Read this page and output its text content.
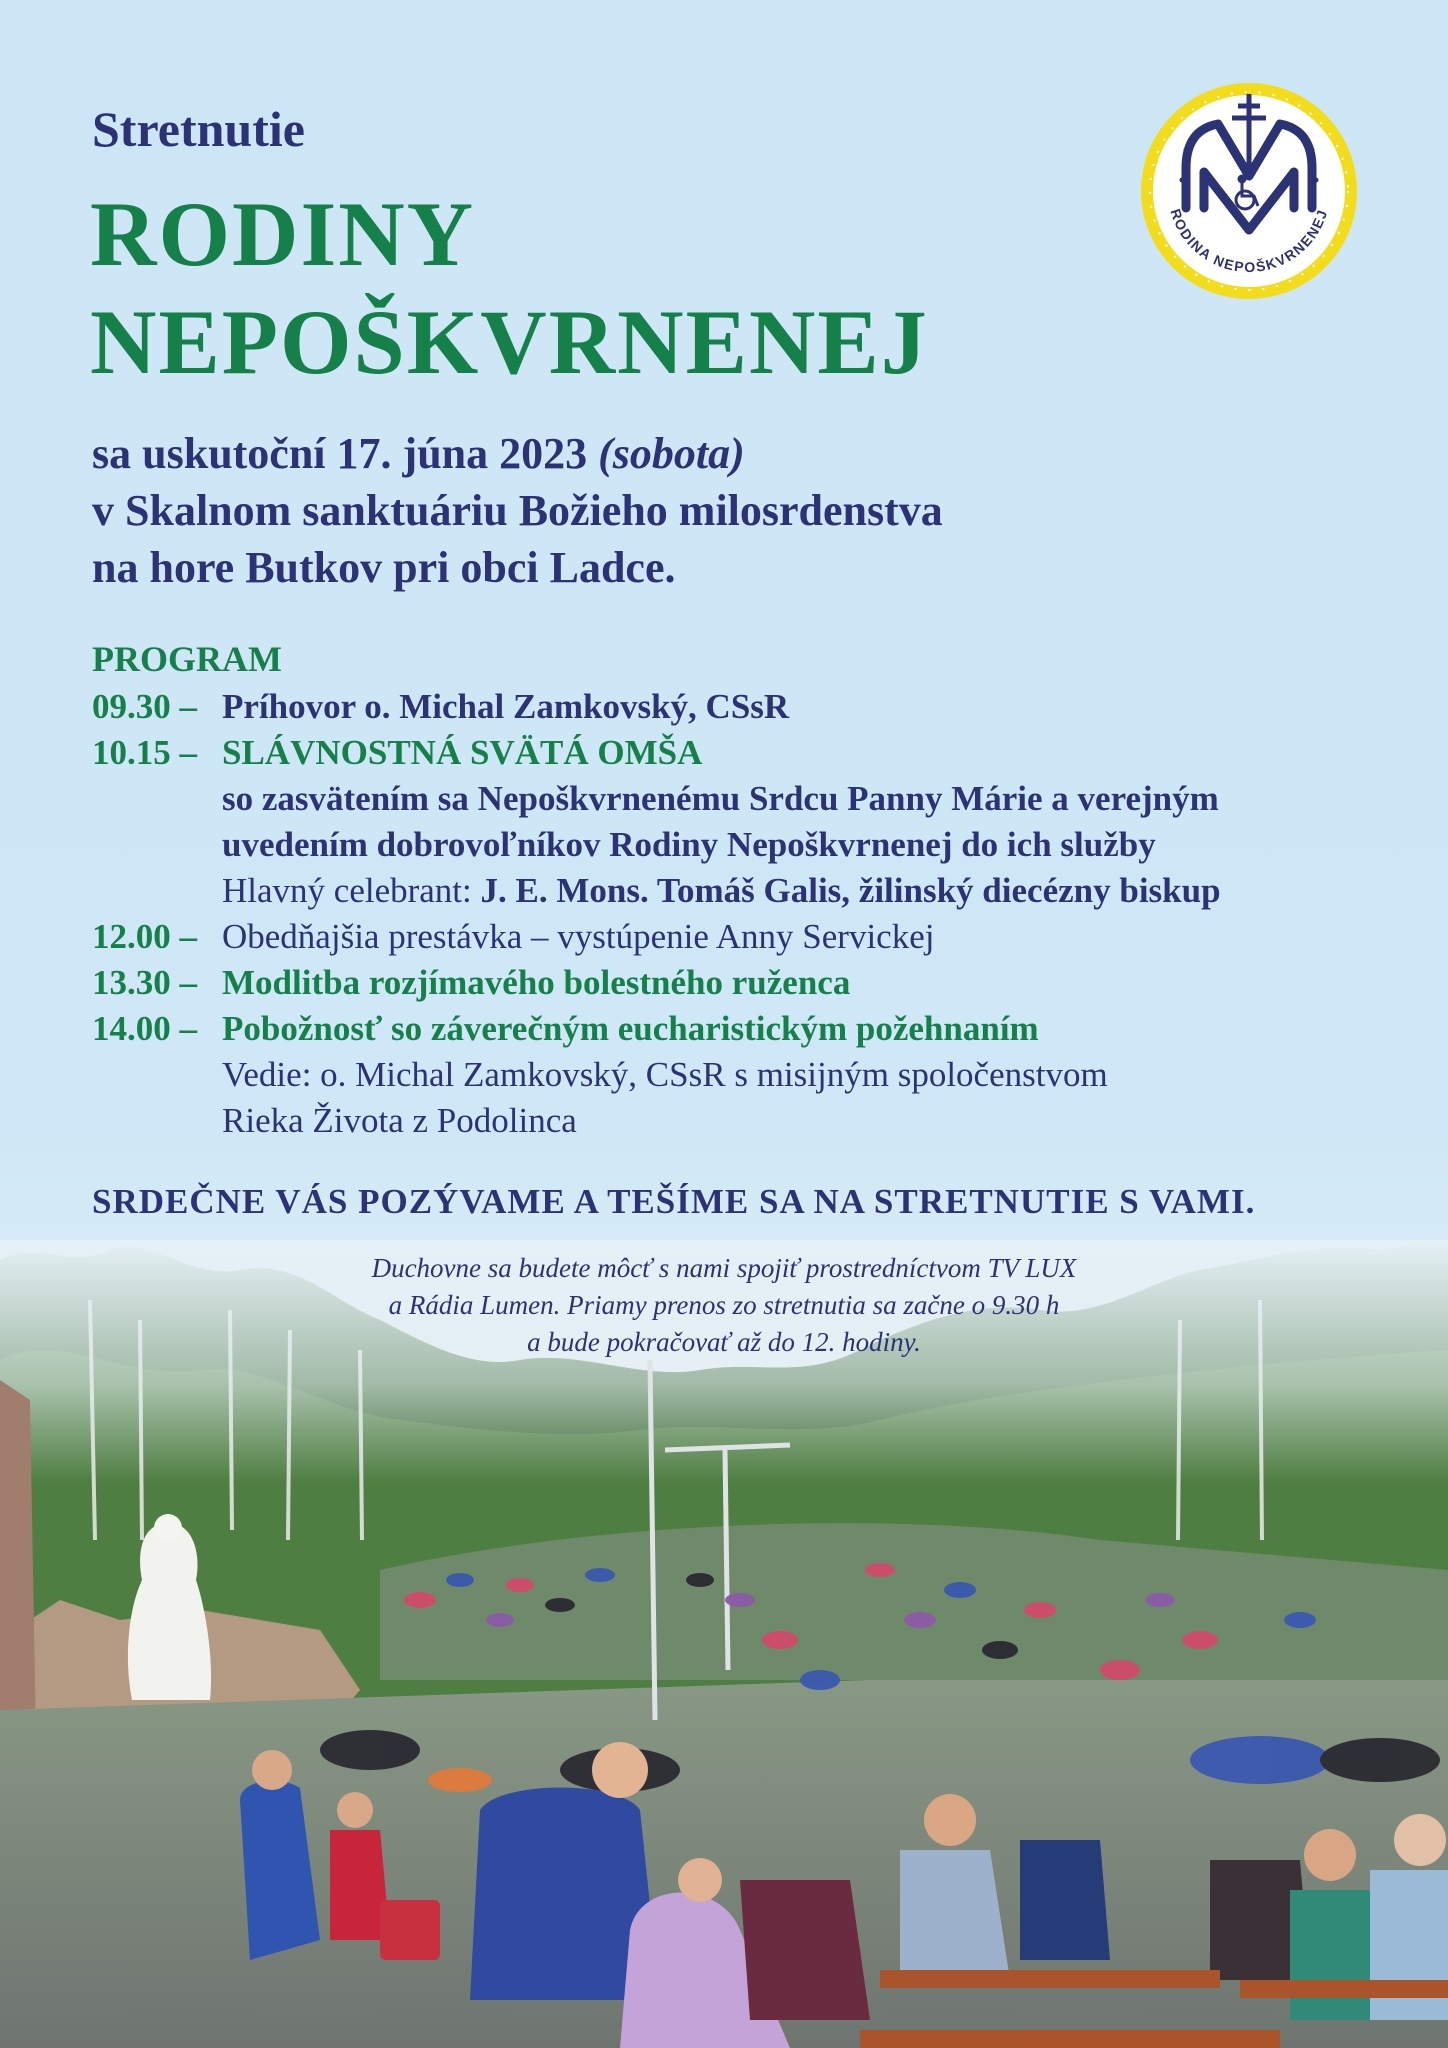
Stretnutie
RODINY
NEPOŠKVRNENEJ
RODINA NEPOŠKVRNENEJ
sa uskutoční 17. júna 2023 (sobota)
v Skalnom sanktuáriu Božieho milosrdenstva
na hore Butkov pri obci Ladce.
PROGRAM
09.30 – Príhovor o. Michal Zamkovský, CSsR
10.15 – SLÁVNOSTNÁ SVÄTÁ OMŠA
so zasvätením sa Nepoškvrnenému Srdcu Panny Márie a verejným
uvedením dobrovoľníkov Rodiny Nepoškvrnenej do ich služby
Hlavný celebrant: J. E. Mons. Tomáš Galis, žilinský diecézny biskup
12.00 – Obedňajšia prestávka – vystúpenie Anny Servickej
13.30 – Modlitba rozjímavého bolestného ruženca
14.00 – Pobožnosť so záverečným eucharistickým požehnaním
Vedie: o. Michal Zamkovský, CSsR s misijným spoločenstvom
Rieka Života z Podolinca
SRDEČNE VÁS POZÝVAME A TEŠÍME SA NA STRETNUTIE S VAMI.
Duchovne sa budete môcť s nami spojiť prostredníctvom TV LUX
a Rádia Lumen. Priamy prenos zo stretnutia sa začne o 9.30 h
a bude pokračovať až do 12. hodiny.
